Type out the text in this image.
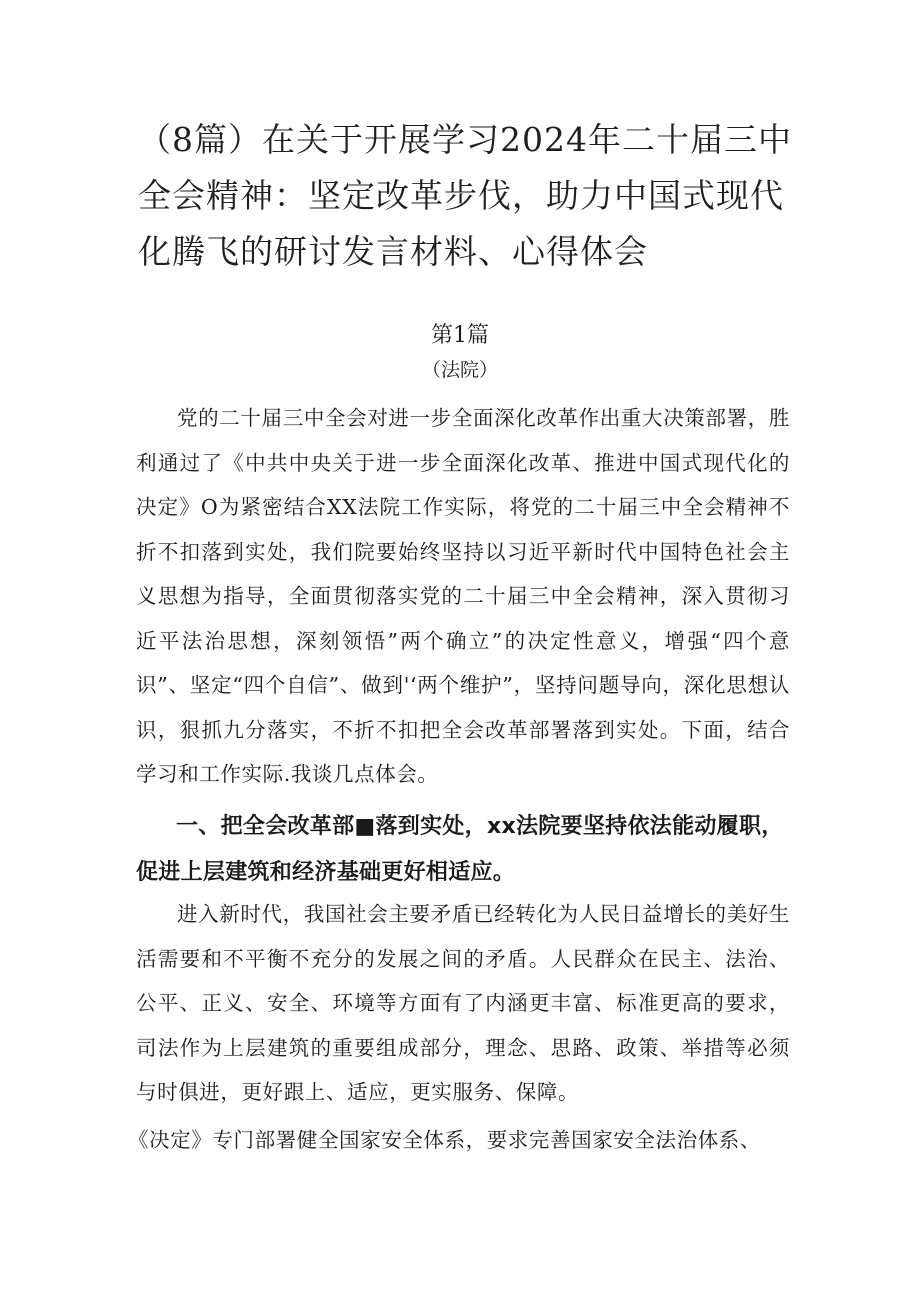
（8篇）在关于开展学习2024年二十届三中全会精神：坚定改革步伐，助力中国式现代化腾飞的研讨发言材料、心得体会
第1篇

（法院）

党的二十届三中全会对进一步全面深化改革作出重大决策部署，胜利通过了《中共中央关于进一步全面深化改革、推进中国式现代化的决定》O为紧密结合XX法院工作实际，将党的二十届三中全会精神不折不扣落到实处，我们院要始终坚持以习近平新时代中国特色社会主义思想为指导，全面贯彻落实党的二十届三中全会精神，深入贯彻习近平法治思想，深刻领悟”两个确立”的决定性意义，增强“四个意识”、坚定“四个自信”、做到'‘两个维护”，坚持问题导向，深化思想认识，狠抓九分落实，不折不扣把全会改革部署落到实处。下面，结合学习和工作实际.我谈几点体会。

一、把全会改革部■落到实处，xx法院要坚持依法能动履职，促进上层建筑和经济基础更好相适应。

进入新时代，我国社会主要矛盾已经转化为人民日益增长的美好生活需要和不平衡不充分的发展之间的矛盾。人民群众在民主、法治、公平、正义、安全、环境等方面有了内涵更丰富、标准更高的要求，司法作为上层建筑的重要组成部分，理念、思路、政策、举措等必须与时俱进，更好跟上、适应，更实服务、保障。

《决定》专门部署健全国家安全体系，要求完善国家安全法治体系、
